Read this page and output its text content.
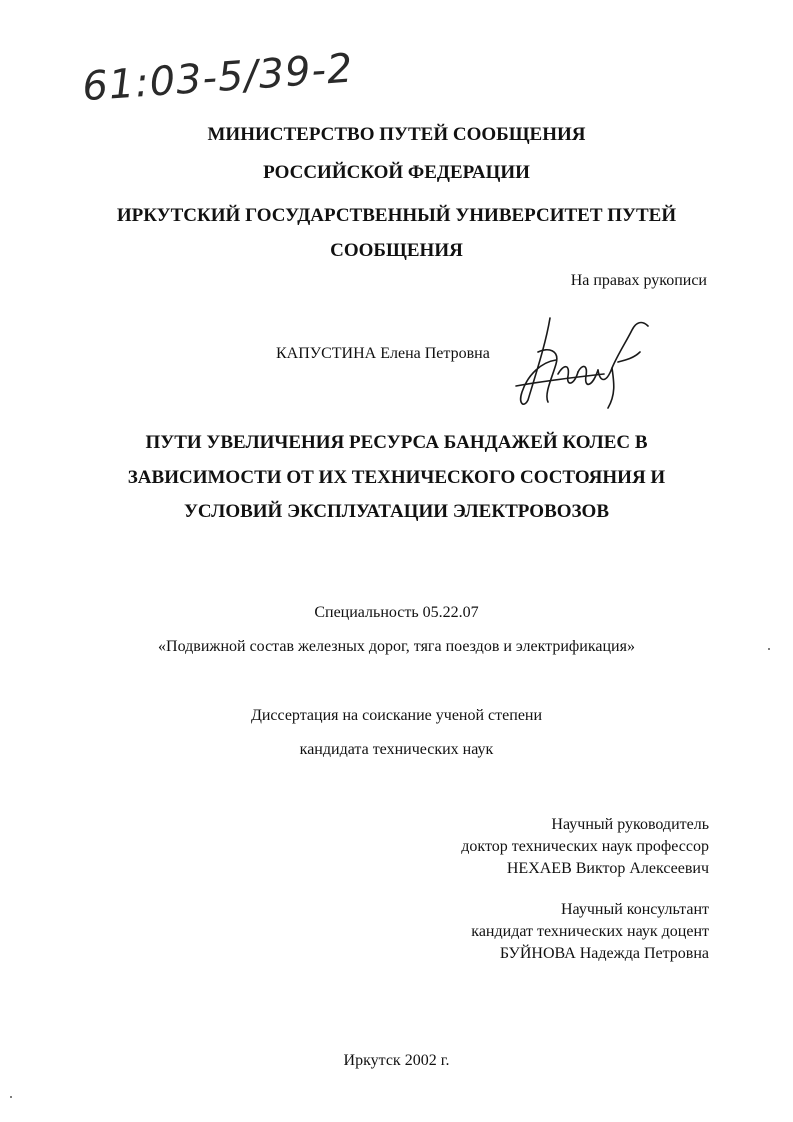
61:03-5/39-2
МИНИСТЕРСТВО ПУТЕЙ СООБЩЕНИЯ
РОССИЙСКОЙ ФЕДЕРАЦИИ
ИРКУТСКИЙ ГОСУДАРСТВЕННЫЙ УНИВЕРСИТЕТ ПУТЕЙ
СООБЩЕНИЯ
На правах рукописи
КАПУСТИНА Елена Петровна
ПУТИ УВЕЛИЧЕНИЯ РЕСУРСА БАНДАЖЕЙ КОЛЕС В
ЗАВИСИМОСТИ ОТ ИХ ТЕХНИЧЕСКОГО СОСТОЯНИЯ И
УСЛОВИЙ ЭКСПЛУАТАЦИИ ЭЛЕКТРОВОЗОВ
Специальность 05.22.07
«Подвижной состав железных дорог, тяга поездов и электрификация»
Диссертация на соискание ученой степени
кандидата технических наук
Научный руководитель
доктор технических наук профессор
НЕХАЕВ Виктор Алексеевич
Научный консультант
кандидат технических наук доцент
БУЙНОВА Надежда Петровна
Иркутск 2002 г.
